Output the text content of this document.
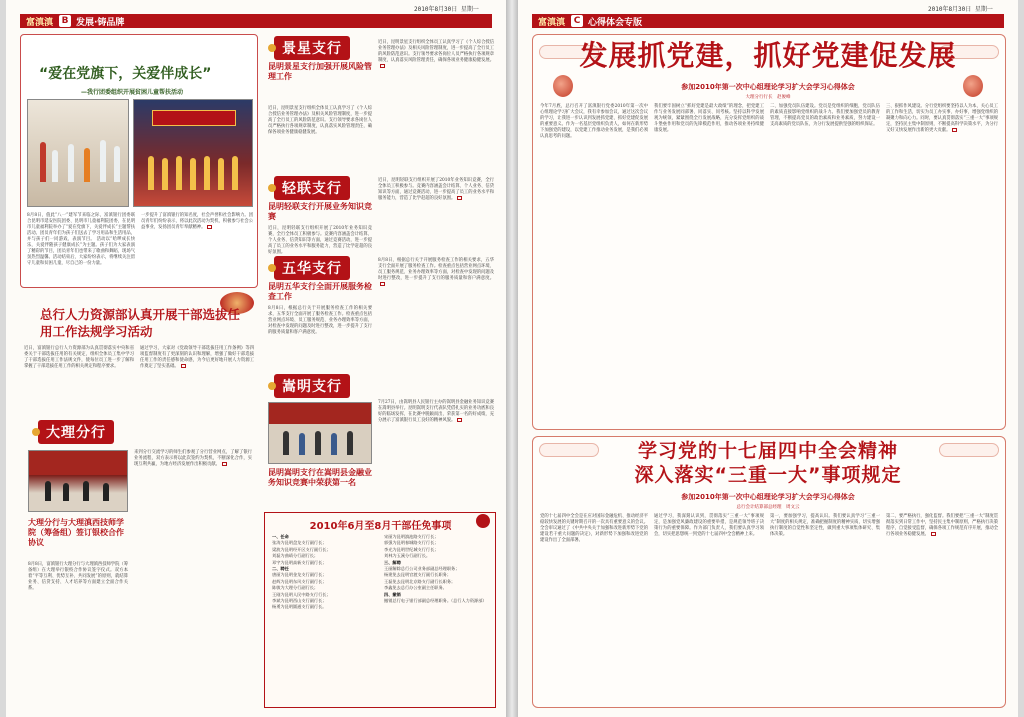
2010年8月30日 星期一
富滇滇 B 发展·铸品牌
“爱在党旗下，关爱伴成长”
—我行团委组织开展贫困儿童帮扶活动
8月8日，值此“八一”建军节来临之际，富滇银行团委联合昆明市延安医院团委、昆明市儿童福利院团委，在昆明市儿童福利院举办了“爱在党旗下，关爱伴成长”主题帮扶活动。团员青年们为孩子们送去了学习用品和生活用品，并与孩子们一同游戏、表演节目。 活动以“哈啰成长快乐，关爱伴随孩子健康成长”为主题。孩子们为大家表演了精彩的节目，团员青年们也带来了歌曲和舞蹈，现场气氛热烈温馨。活动结束后，大家纷纷表示，将继续关注留守儿童和贫困儿童，尽自己的一份力量。
一步提升了富滇银行的知名度，社会声誉和社会影响力。团员青年们纷纷表示，将以此次活动为契机，积极参与社会公益事业，发扬团员青年奉献精神。
总行人力资源部认真开展干部选拔任用工作法规学习活动
近日，富滇银行总行人力资源部为认真贯彻落实中央和省委关于干部选拔任用的有关规定，组织全体员工集中学习了干部选拔任用工作法规文件，使每位员工进一步了解和掌握了干部选拔任用工作的相关规定和程序要求。
通过学习，大家对《党政领导干部选拔任用工作条例》等四项监督制度有了更深刻的认识和理解，增强了做好干部选拔任用工作的责任感和使命感，为今后更好地开展人力资源工作奠定了坚实基础。
大理分行
大理分行与大理滇西技师学院（筹备组）签订银校合作协议
8月8日，富滇银行大理分行与大理滇西技师学院（筹备组）在大理举行银校合作协议签字仪式。双方本着“平等互利、优势互补、共同发展”的原则，就结算业务、信贷支持、人才培养等方面建立全面合作关系。
来到分行交流学习的师生们参观了分行营业网点，了解了银行业务流程，双方表示将以此次签约为契机，不断深化合作，实现互利共赢，为地方经济发展作出积极贡献。
景星支行
昆明景星支行加强开展风险管理工作
近日，昆明景星支行组织全体员工认真学习了《个人综合授信业务管理办法》及相关风险管理制度，进一步提高了全行员工的风险防范意识。支行领导要求各岗位人员严格执行各项规章制度，认真落实风险管理责任，确保各项业务健康稳健发展。
近日，昆明景星支行组织全体员工认真学习了《个人综合授信业务管理办法》及相关风险管理制度，进一步提高了全行员工的风险防范意识。支行领导要求各岗位人员严格执行各项规章制度，认真落实风险管理责任，确保各项业务健康稳健发展。
轻联支行
昆明轻联支行开展业务知识竞赛
近日，昆明轻联支行组织开展了2010年业务知识竞赛，全行全体员工积极参与。竞赛内容涵盖会计结算、个人业务、信贷知识等方面，通过竞赛活动，进一步提高了员工的业务水平和服务能力，营造了比学赶超的良好氛围。
近日，昆明轻联支行组织开展了2010年业务知识竞赛，全行全体员工积极参与。竞赛内容涵盖会计结算、个人业务、信贷知识等方面，通过竞赛活动，进一步提高了员工的业务水平和服务能力，营造了比学赶超的良好氛围。
五华支行
昆明五华支行全面开展服务检查工作
8月8日，根据总行关于开展服务检查工作的相关要求，五华支行全面开展了服务检查工作。检查重点包括营业网点环境、员工服务规范、业务办理效率等方面，对检查中发现的问题及时进行整改，进一步提升了支行的服务质量和客户满意度。
8月8日，根据总行关于开展服务检查工作的相关要求，五华支行全面开展了服务检查工作。检查重点包括营业网点环境、员工服务规范、业务办理效率等方面，对检查中发现的问题及时进行整改，进一步提升了支行的服务质量和客户满意度。
嵩明支行
昆明嵩明支行在嵩明县金融业务知识竞赛中荣获第一名
7月27日，由嵩明县人民银行主办的嵩明县金融业务知识竞赛在嵩明县举行。昆明嵩明支行代表队凭借扎实的业务功底和良好的临场发挥，在比赛中脱颖而出，荣获第一名的好成绩，充分展示了富滇银行员工良好的精神风貌。
2010年6月至8月干部任免事项
一、任命
张涛为昆明盘龙支行副行长；
梁波为昆明经开区支行副行长；
刘磊为曲靖分行副行长；
邓宇为昆明高新支行副行长；
二、聘任
唐丽为昆明金龙支行副行长；
赵辉为昆明东风支行副行长；
陈敏为大理分行副行长；
王刚为昆明人民中路支行行长；
李斌为昆明西山支行副行长；
杨勇为昆明圆通支行副行长。
宋丽为昆明滇池路支行行长；
郭强为昆明春城路支行行长；
李光为昆明世纪城支行行长；
刘林为玉溪分行副行长。
三、解聘
王丽解除总行公司业务部副总经理职务；
杨建免去昆明官渡支行副行长职务；
王磊免去昆明北京路支行副行长职务；
李鑫免去总行办公室副主任职务。
四、撤销
撤销总行电子银行部副总经理职务。（总行人力资源部）
2010年8月30日 星期一
富滇滇 C 心得体会专版
发展抓党建，抓好党建促发展
参加2010年第一次中心组理论学习扩大会学习心得体会
大理分行行长　赵俊峰
今年7月底，总行召开了富滇银行党委2010年第一次中心组理论学习扩大会议，我有幸参加会议，通过这次会议的学习，让我进一步认识到发展抓党建、抓好党建促发展的重要意义。作为一名基层党组织负责人，如何在新形势下加强党的建设，以党建工作推动业务发展，是我们必须认真思考的问题。
我们要牢固树立“抓好党建是最大政绩”的理念，把党建工作与业务发展同部署、同落实、同考核。坚持以科学发展观为统领，紧紧围绕全行发展战略，充分发挥党组织的战斗堡垒作用和党员的先锋模范作用，推动各项业务持续健康发展。
二、加强党员队伍建设。党员是党组织的细胞，党员队伍的素质直接影响党组织的战斗力。我们要加强党员的教育管理，不断提高党员的政治素质和业务素质，努力建设一支高素质的党员队伍，为分行发展提供坚强的组织保证。
三、狠抓作风建设。分行党组织要坚持以人为本，关心员工的工作和生活，切实为员工办实事、办好事，增强党组织的凝聚力和向心力。同时，要认真贯彻落实“三重一大”事项规定，坚持民主集中制原则，不断提高科学决策水平，为分行又好又快发展作出新的更大贡献。
学习党的十七届四中全会精神
深入落实“三重一大”事项规定
参加2010年第一次中心组理论学习扩大会学习心得体会
总行会计结算部总经理　周文云
党的十七届四中全会是在应对国际金融危机、推动经济平稳较快发展的关键时期召开的一次具有重要意义的会议。全会审议通过了《中共中央关于加强和改进新形势下党的建设若干重大问题的决定》，对新形势下加强和改进党的建设作出了全面部署。
通过学习，我深刻认识到，贯彻落实“三重一大”事项规定，是加强党风廉政建设的重要举措，是规范领导班子决策行为的重要保障。作为部门负责人，我们要认真学习领会，切实把思想统一到党的十七届四中全会精神上来。
第一，要加强学习，提高认识。我们要认真学习“三重一大”制度的相关规定，准确把握制度的精神实质，切实增强执行制度的自觉性和坚定性，做到重大事项集体研究、集体决策。
第二，要严格执行，强化监督。我们要把“三重一大”制度贯彻落实到日常工作中，坚持民主集中制原则，严格执行决策程序，自觉接受监督，确保各项工作规范有序开展，推动全行各项业务稳健发展。
